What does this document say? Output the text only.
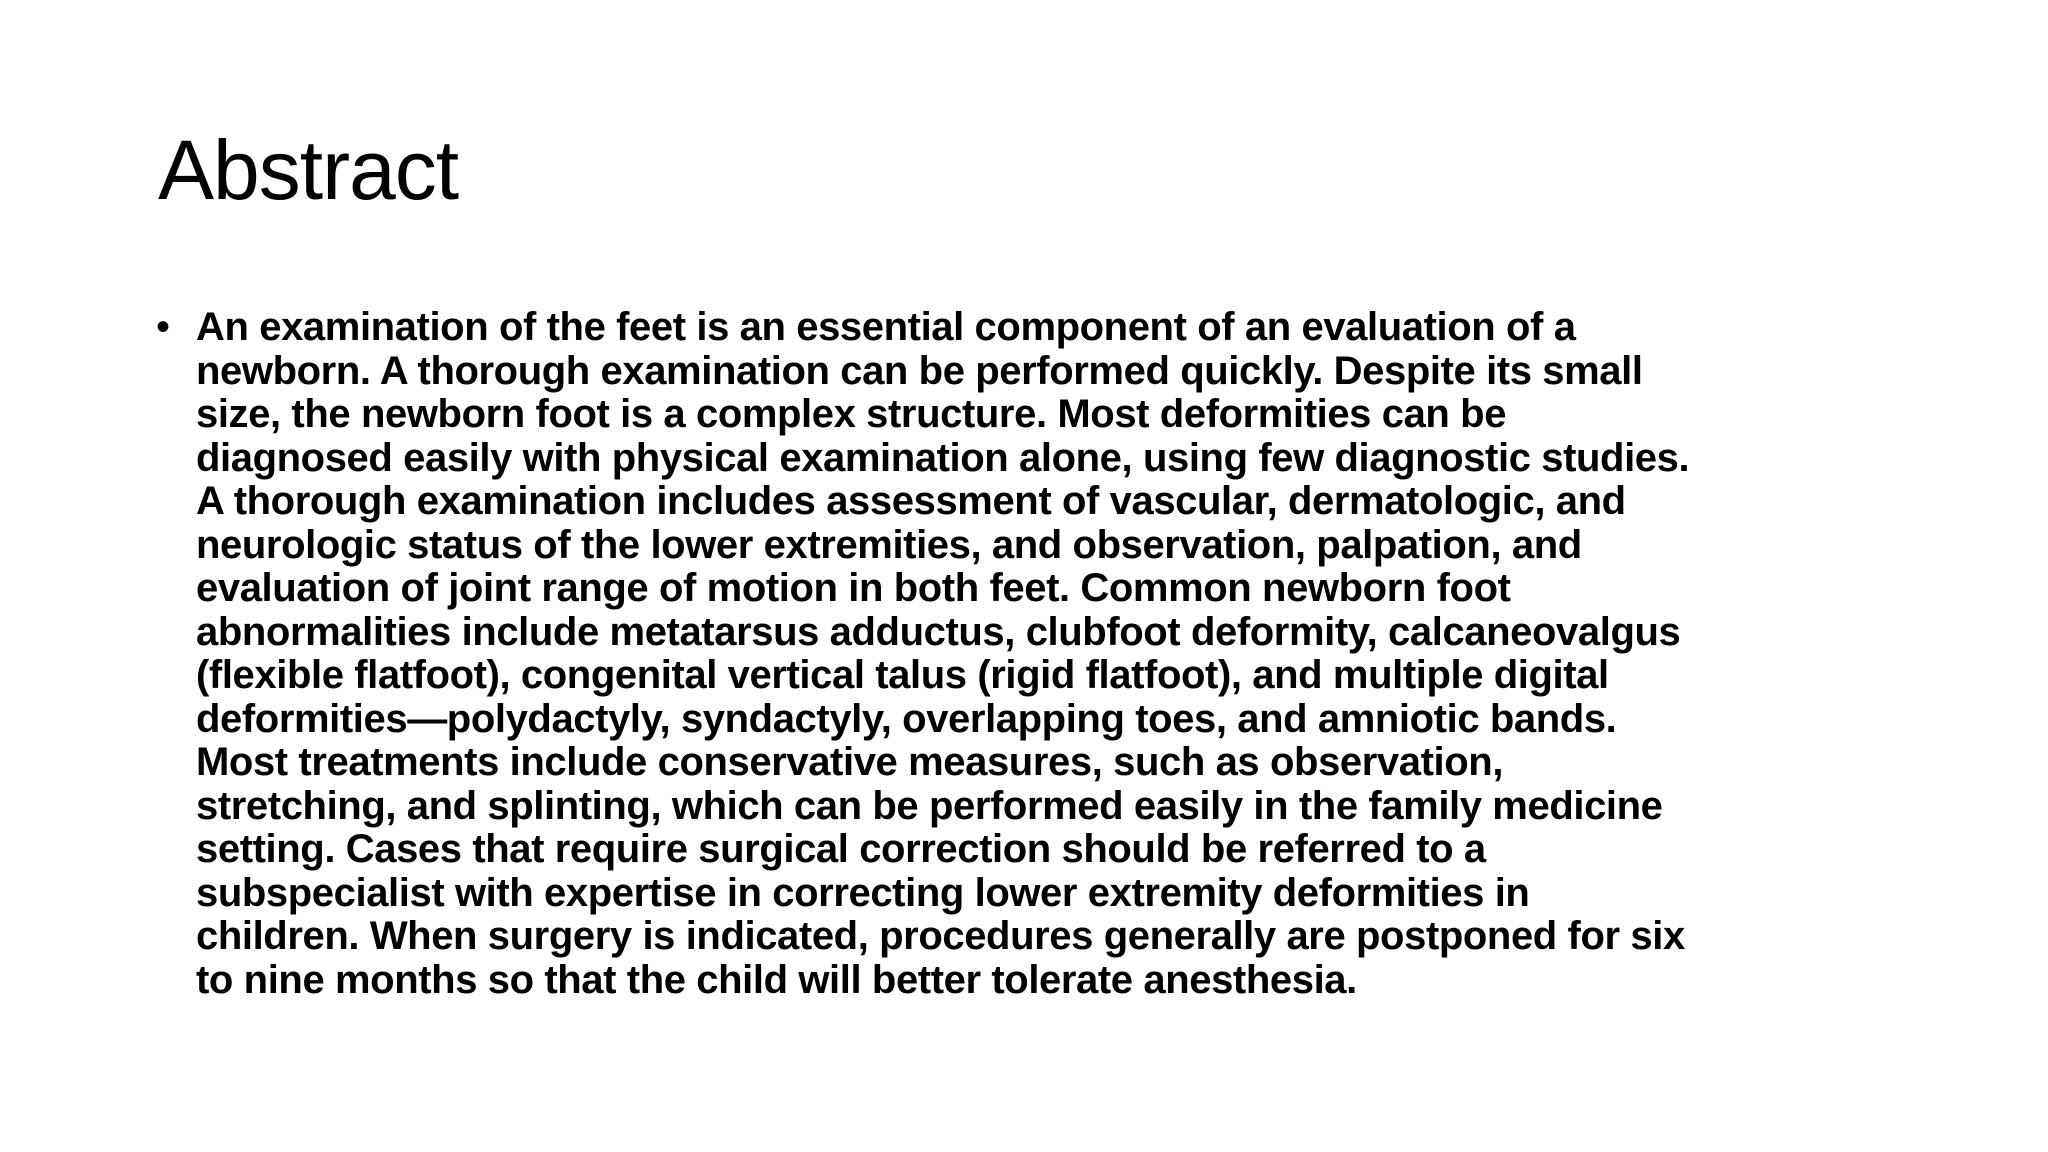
Abstract
• An examination of the feet is an essential component of an evaluation of a
newborn. A thorough examination can be performed quickly. Despite its small
size, the newborn foot is a complex structure. Most deformities can be
diagnosed easily with physical examination alone, using few diagnostic studies.
A thorough examination includes assessment of vascular, dermatologic, and
neurologic status of the lower extremities, and observation, palpation, and
evaluation of joint range of motion in both feet. Common newborn foot
abnormalities include metatarsus adductus, clubfoot deformity, calcaneovalgus
(flexible flatfoot), congenital vertical talus (rigid flatfoot), and multiple digital
deformities—polydactyly, syndactyly, overlapping toes, and amniotic bands.
Most treatments include conservative measures, such as observation,
stretching, and splinting, which can be performed easily in the family medicine
setting. Cases that require surgical correction should be referred to a
subspecialist with expertise in correcting lower extremity deformities in
children. When surgery is indicated, procedures generally are postponed for six
to nine months so that the child will better tolerate anesthesia.
